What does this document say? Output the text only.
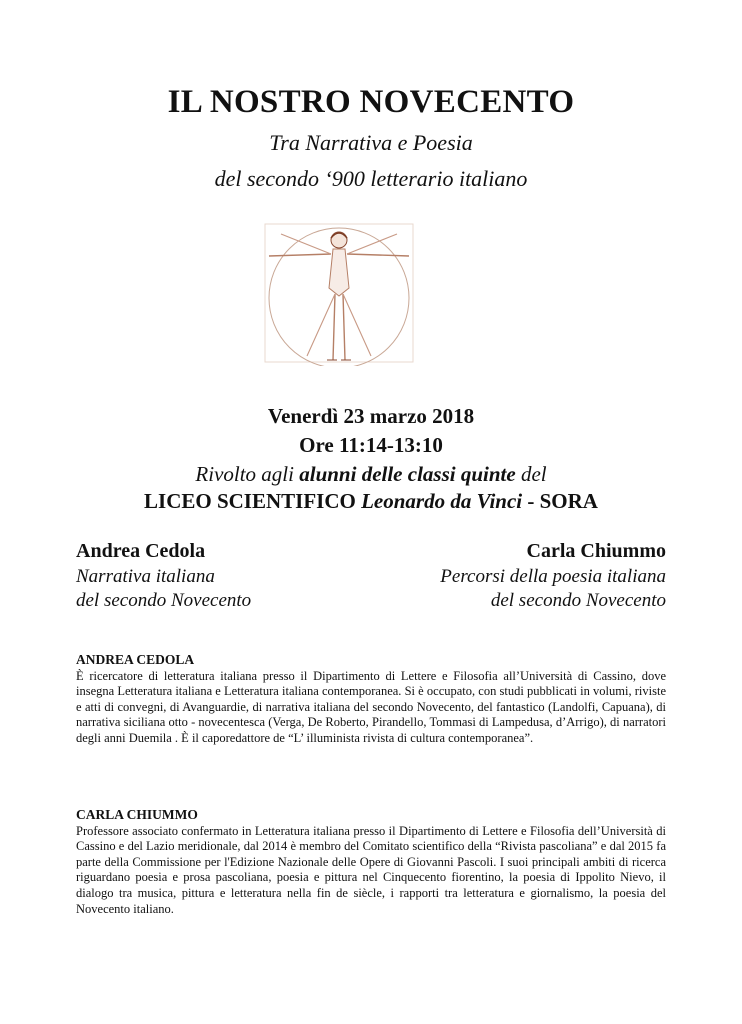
IL NOSTRO NOVECENTO
Tra Narrativa e Poesia
del secondo ‘900 letterario italiano
Venerdì 23 marzo 2018
Ore 11:14-13:10
Rivolto agli alunni delle classi quinte del
LICEO SCIENTIFICO Leonardo da Vinci - SORA
Andrea Cedola
Narrativa italiana
del secondo Novecento
Carla Chiummo
Percorsi della poesia italiana
del secondo Novecento
ANDREA CEDOLA

È ricercatore di letteratura italiana presso il Dipartimento di Lettere e Filosofia all’Università di Cassino, dove insegna Letteratura italiana e Letteratura italiana contemporanea. Si è occupato, con studi pubblicati in volumi, riviste e atti di convegni, di Avanguardie, di narrativa italiana del secondo Novecento, del fantastico (Landolfi, Capuana), di narrativa siciliana otto - novecentesca (Verga, De Roberto, Pirandello, Tommasi di Lampedusa, d’Arrigo), di narratori degli anni Duemila . È il caporedattore de “L’ illuminista rivista di cultura contemporanea”.

CARLA CHIUMMO

Professore associato confermato in Letteratura italiana presso il Dipartimento di Lettere e Filosofia dell’Università di Cassino e del Lazio meridionale, dal 2014 è membro del Comitato scientifico della “Rivista pascoliana” e dal 2015 fa parte della Commissione per l'Edizione Nazionale delle Opere di Giovanni Pascoli. I suoi principali ambiti di ricerca riguardano poesia e prosa pascoliana, poesia e pittura nel Cinquecento fiorentino, la poesia di Ippolito Nievo, il dialogo tra musica, pittura e letteratura nella fin de siècle, i rapporti tra letteratura e giornalismo, la poesia del Novecento italiano.
